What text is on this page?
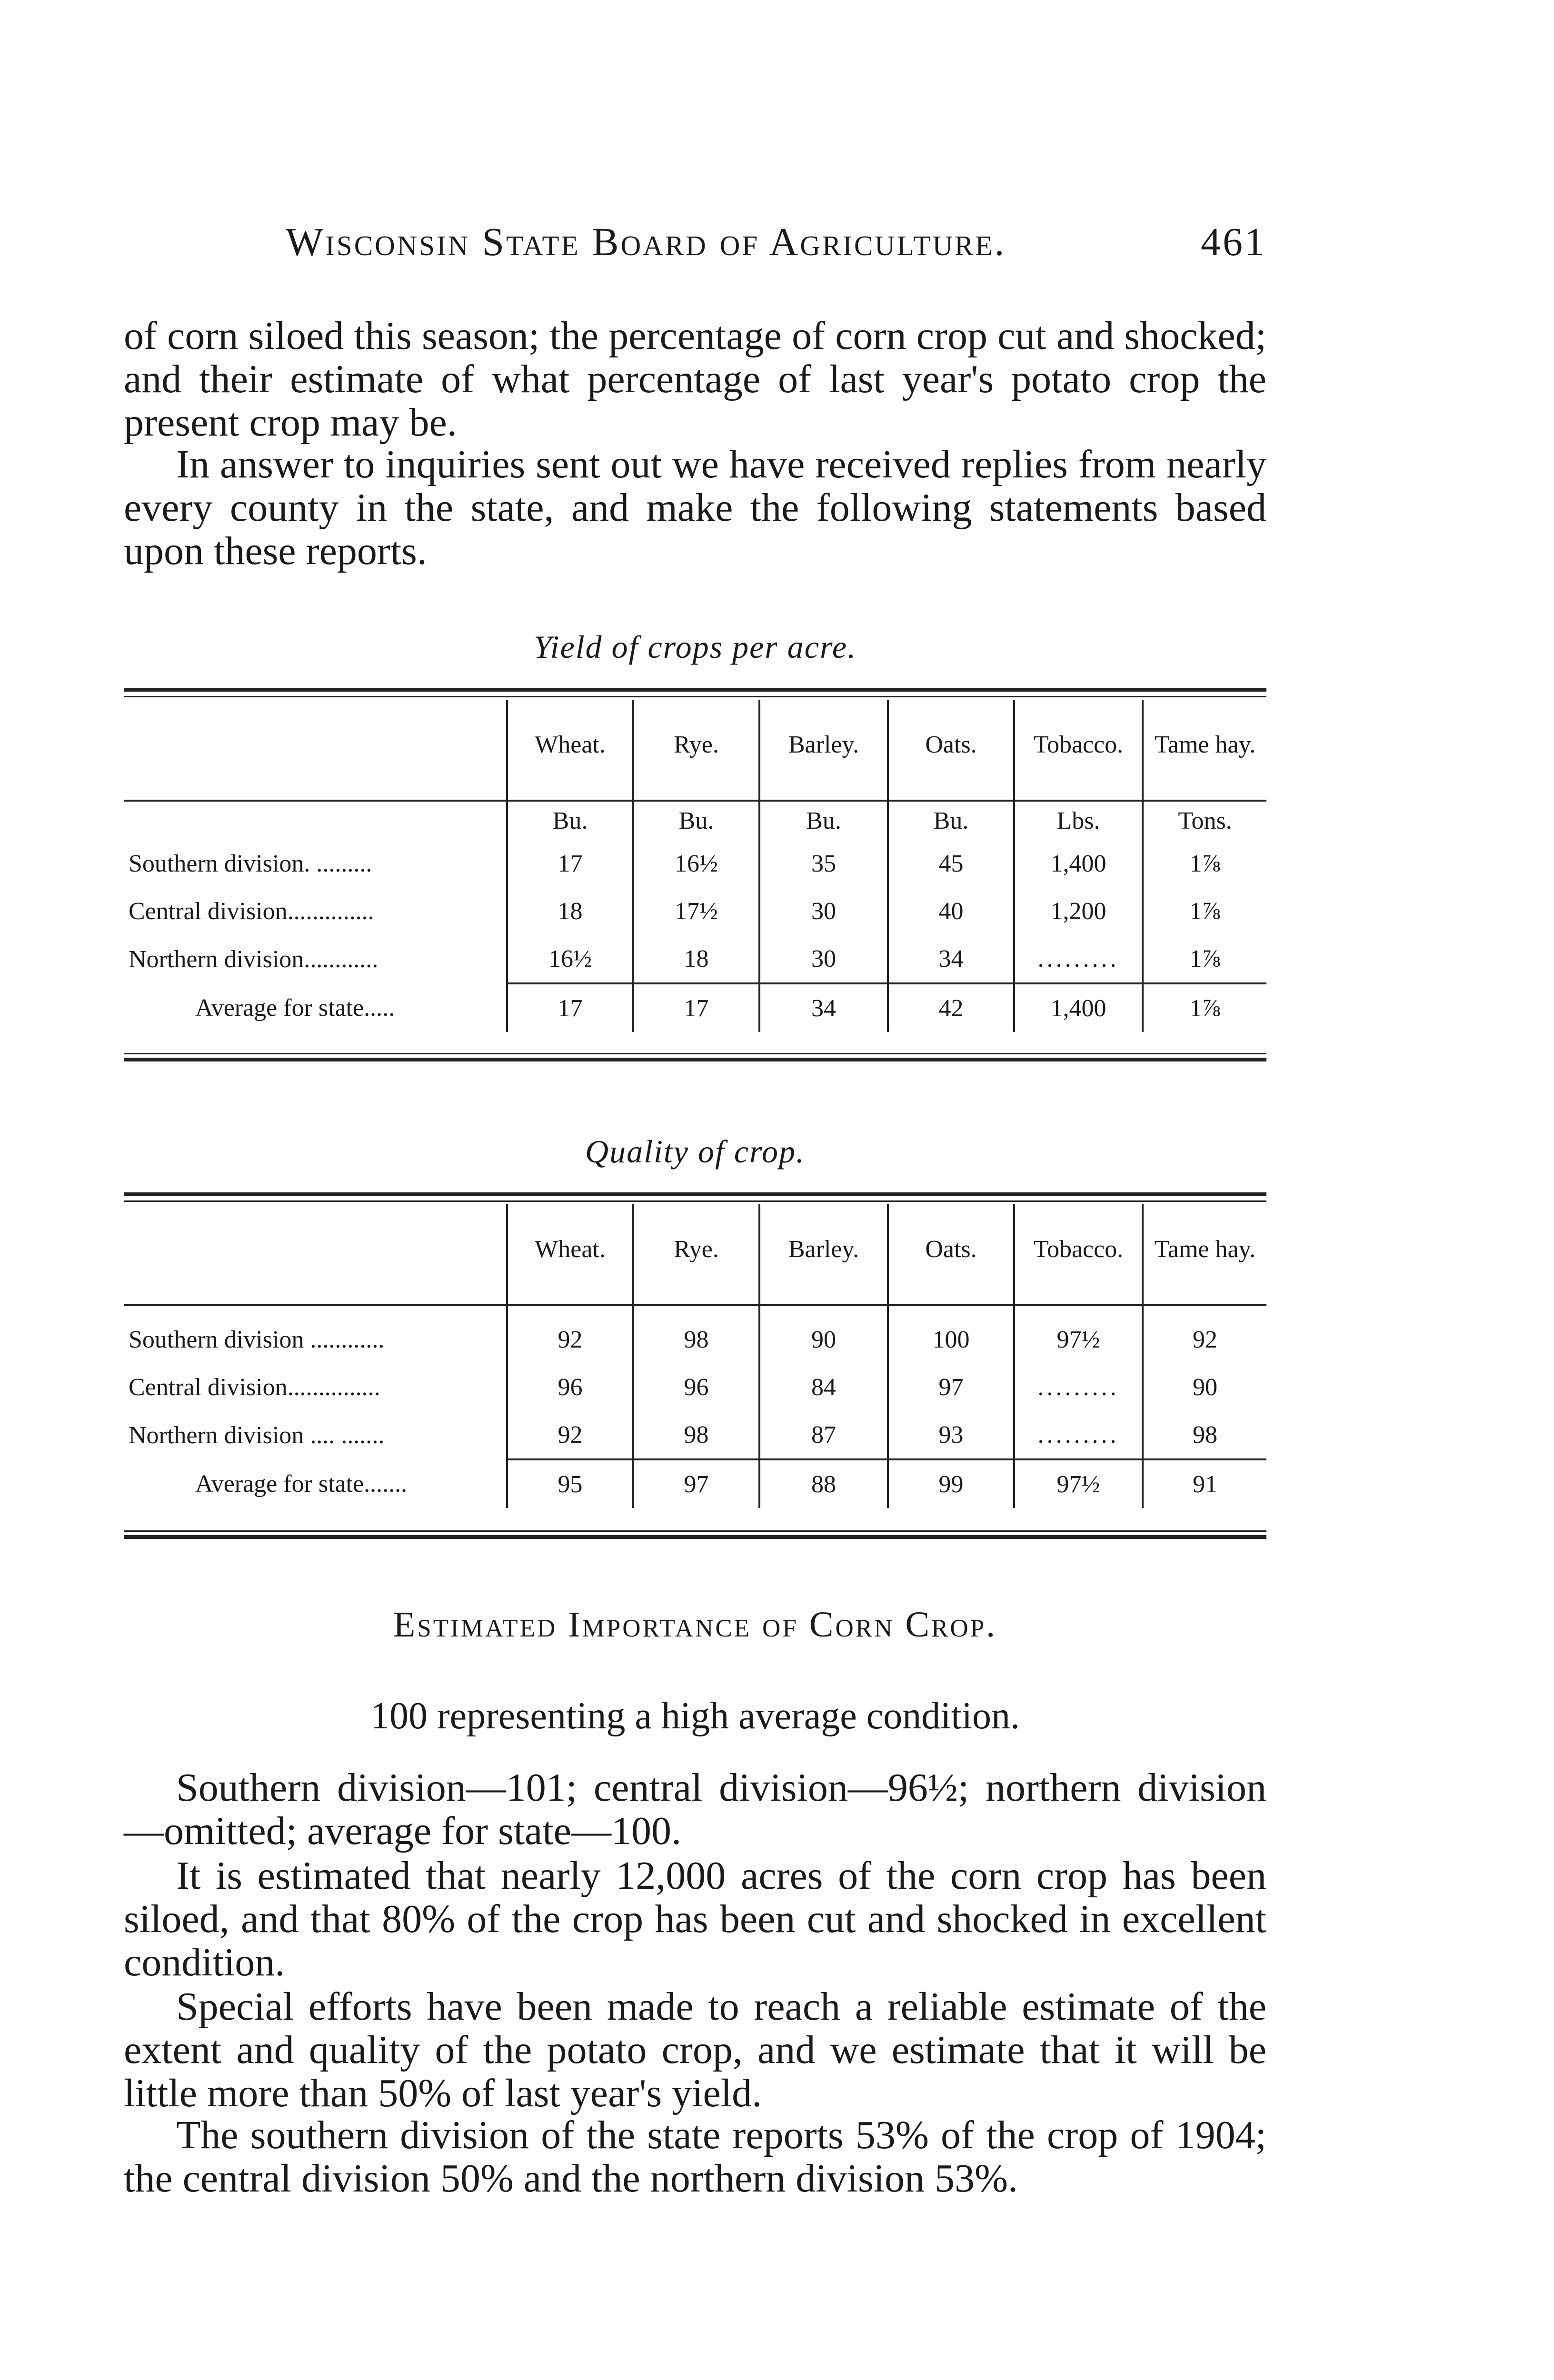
Wisconsin State Board of Agriculture.	461

of corn siloed this season; the percentage of corn crop cut and shocked; and their estimate of what percentage of last year's potato crop the present crop may be.

In answer to inquiries sent out we have received replies from nearly every county in the state, and make the following statements based upon these reports.

Yield of crops per acre.
	Wheat.	Rye.	Barley.	Oats.	Tobacco.	Tame hay.

	Bu.	Bu.	Bu.	Bu.	Lbs.	Tons.
Southern division. .........	17	16½	35	45	1,400	1⅞
Central division..............	18	17½	30	40	1,200	1⅞
Northern division............	16½	18	30	34	.........	1⅞
Average for state.....	17	17	34	42	1,400	1⅞
Quality of crop.
	Wheat.	Rye.	Barley.	Oats.	Tobacco.	Tame hay.

Southern division ............	92	98	90	100	97½	92
Central division...............	96	96	84	97	.........	90
Northern division .... .......	92	98	87	93	.........	98
Average for state.......	95	97	88	99	97½	91
Estimated Importance of Corn Crop.
100 representing a high average condition.

Southern division—101; central division—96½; northern division—omitted; average for state—100.

It is estimated that nearly 12,000 acres of the corn crop has been siloed, and that 80% of the crop has been cut and shocked in excellent condition.

Special efforts have been made to reach a reliable estimate of the extent and quality of the potato crop, and we estimate that it will be little more than 50% of last year's yield.

The southern division of the state reports 53% of the crop of 1904; the central division 50% and the northern division 53%.
